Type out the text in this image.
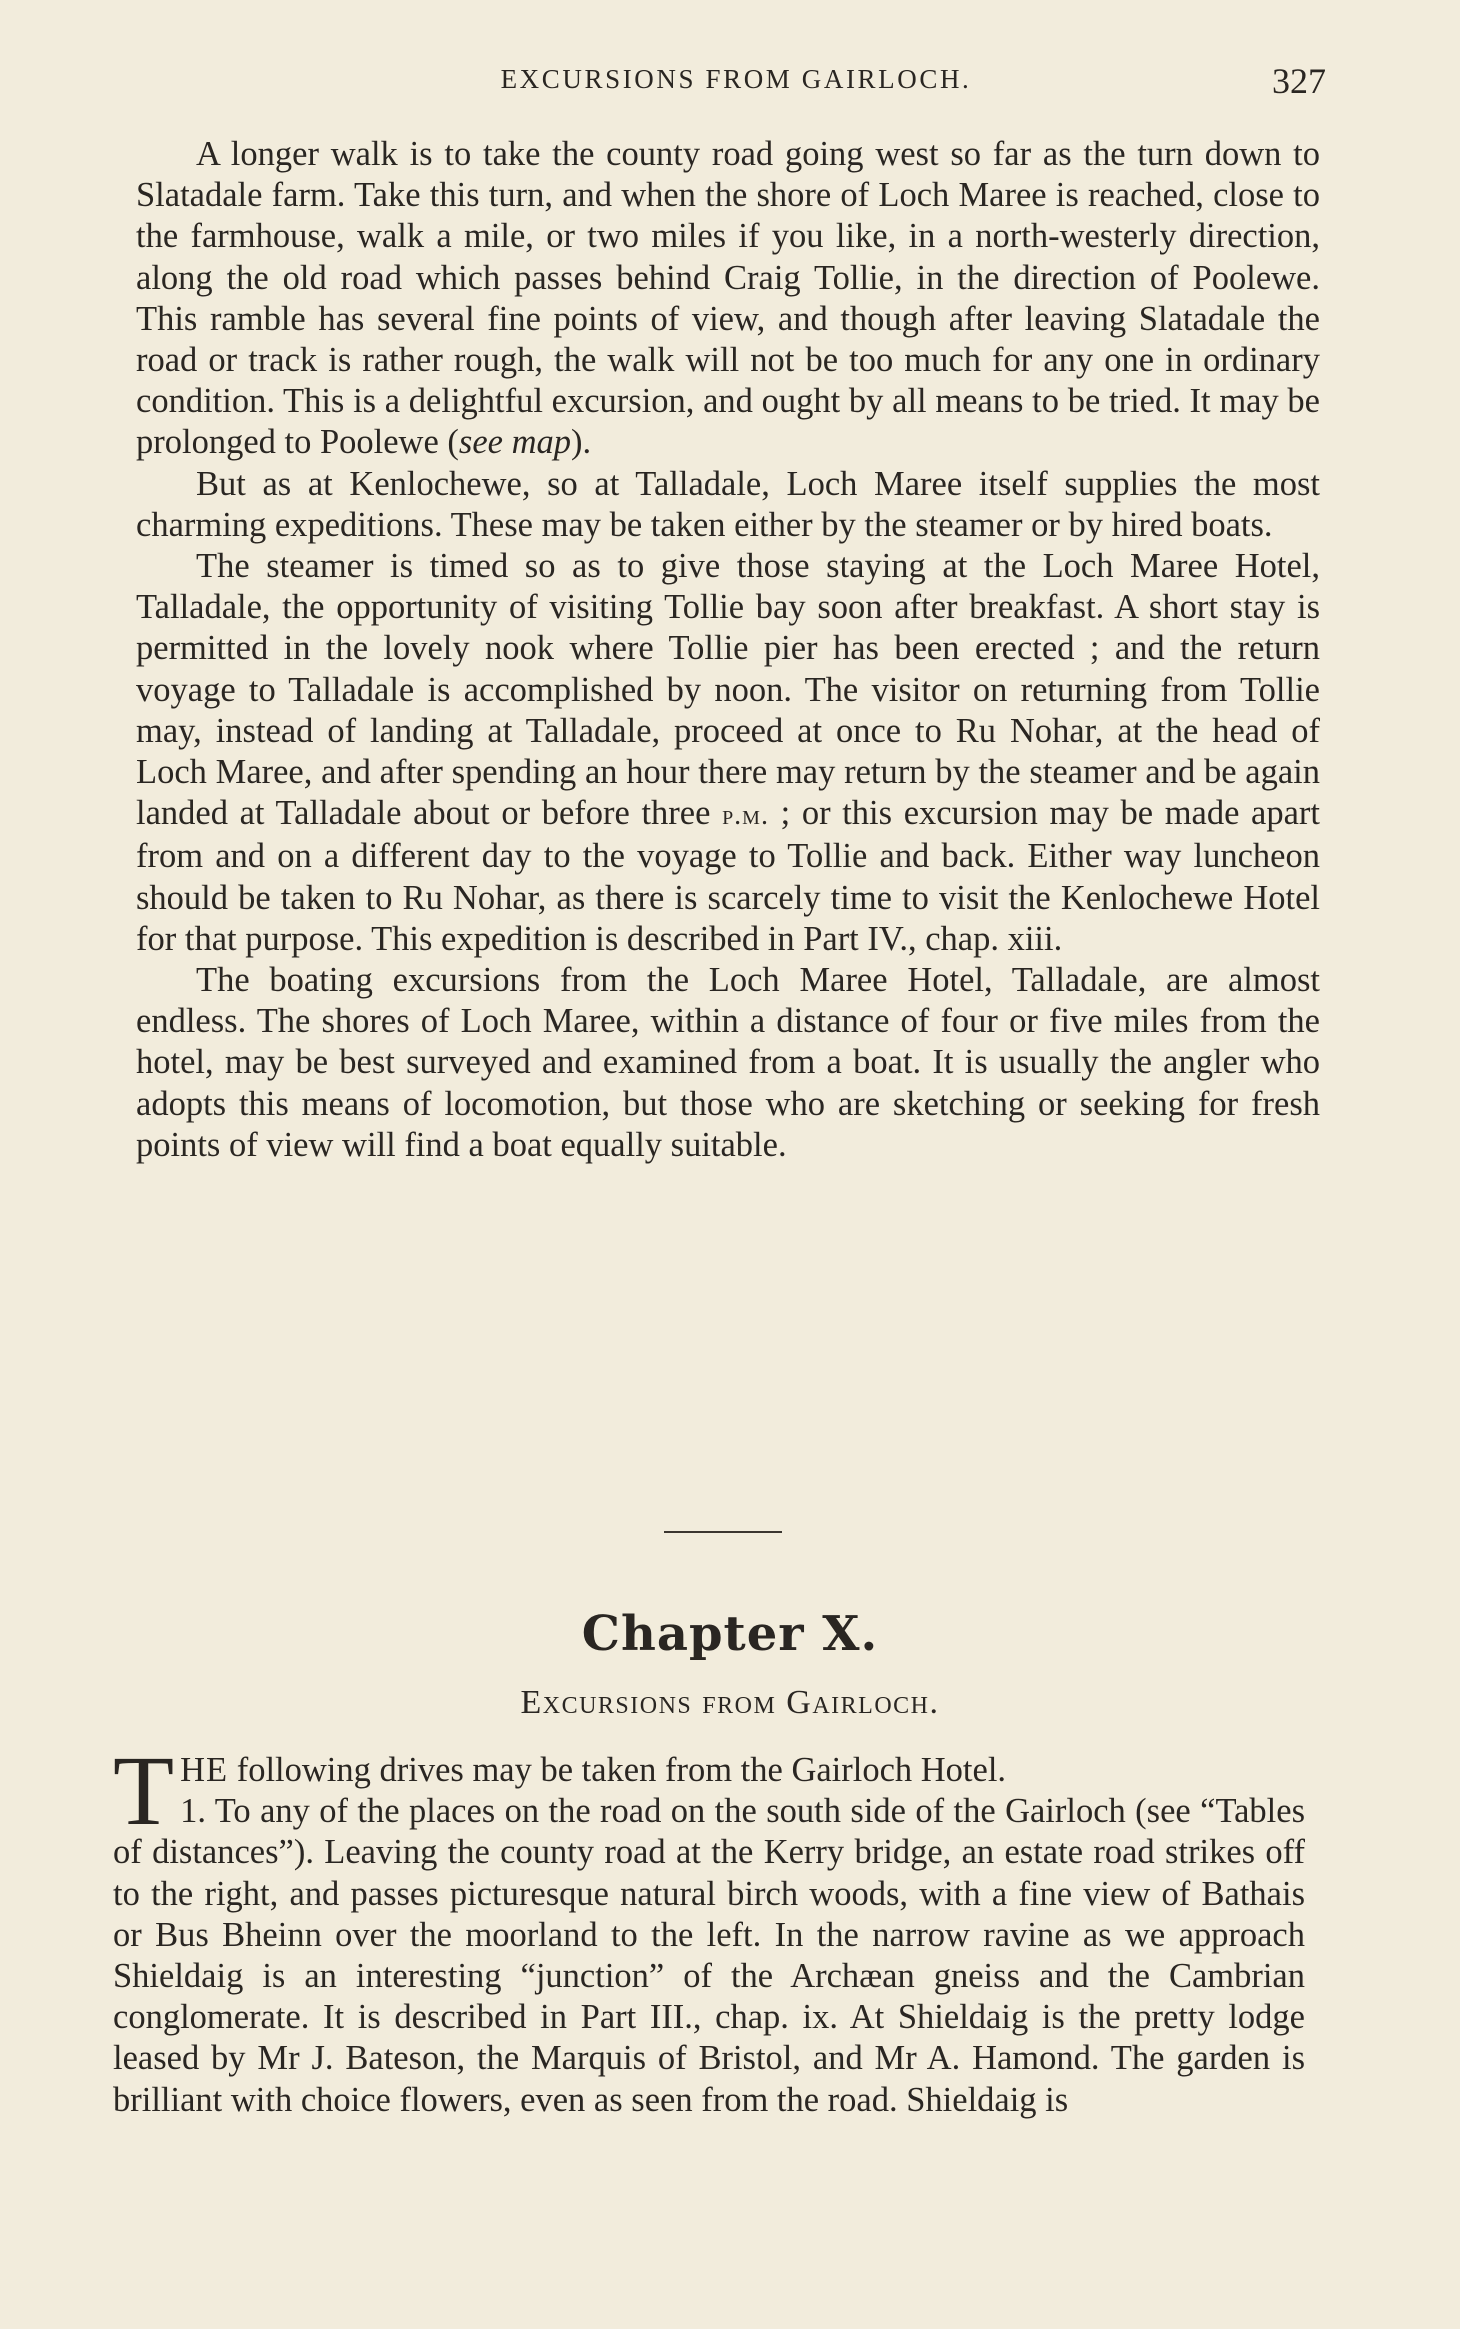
EXCURSIONS FROM GAIRLOCH.	327

A longer walk is to take the county road going west so far as the turn down to Slatadale farm. Take this turn, and when the shore of Loch Maree is reached, close to the farmhouse, walk a mile, or two miles if you like, in a north-westerly direction, along the old road which passes behind Craig Tollie, in the direction of Poolewe. This ramble has several fine points of view, and though after leaving Slatadale the road or track is rather rough, the walk will not be too much for any one in ordinary condition. This is a delightful excursion, and ought by all means to be tried. It may be prolonged to Poolewe (see map).

But as at Kenlochewe, so at Talladale, Loch Maree itself supplies the most charming expeditions. These may be taken either by the steamer or by hired boats.

The steamer is timed so as to give those staying at the Loch Maree Hotel, Talladale, the opportunity of visiting Tollie bay soon after breakfast. A short stay is permitted in the lovely nook where Tollie pier has been erected ; and the return voyage to Talladale is accomplished by noon. The visitor on returning from Tollie may, instead of landing at Talladale, proceed at once to Ru Nohar, at the head of Loch Maree, and after spending an hour there may return by the steamer and be again landed at Talladale about or before three p.m. ; or this excursion may be made apart from and on a different day to the voyage to Tollie and back. Either way luncheon should be taken to Ru Nohar, as there is scarcely time to visit the Kenlochewe Hotel for that purpose. This expedition is described in Part IV., chap. xiii.

The boating excursions from the Loch Maree Hotel, Talladale, are almost endless. The shores of Loch Maree, within a distance of four or five miles from the hotel, may be best surveyed and examined from a boat. It is usually the angler who adopts this means of locomotion, but those who are sketching or seeking for fresh points of view will find a boat equally suitable.

Chapter X.
Excursions from Gairloch.

THE following drives may be taken from the Gairloch Hotel.

1. To any of the places on the road on the south side of the Gairloch (see “Tables of distances”). Leaving the county road at the Kerry bridge, an estate road strikes off to the right, and passes picturesque natural birch woods, with a fine view of Bathais or Bus Bheinn over the moorland to the left. In the narrow ravine as we approach Shieldaig is an interesting “junction” of the Archæan gneiss and the Cambrian conglomerate. It is described in Part III., chap. ix. At Shieldaig is the pretty lodge leased by Mr J. Bateson, the Marquis of Bristol, and Mr A. Hamond. The garden is brilliant with choice flowers, even as seen from the road. Shieldaig is
